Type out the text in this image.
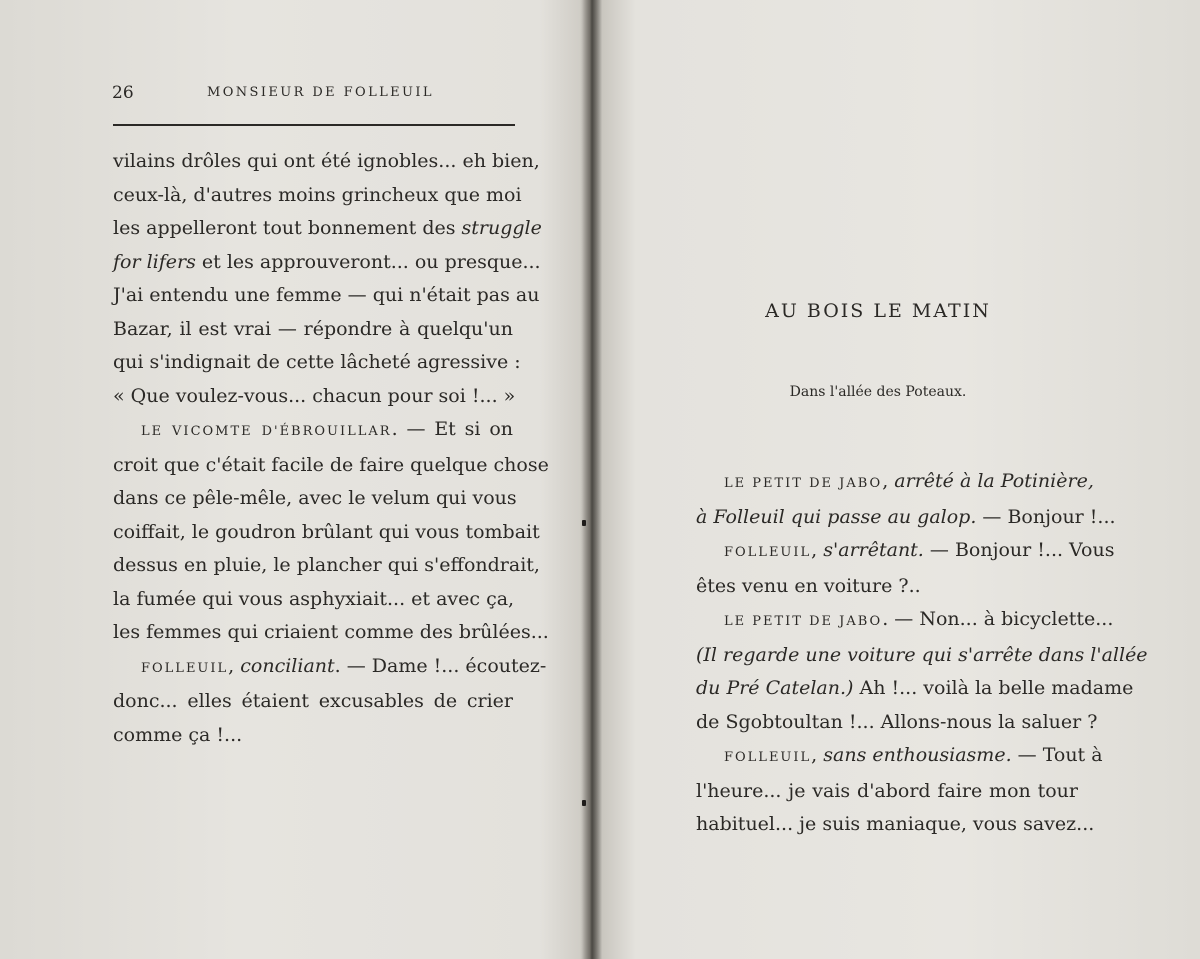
26	MONSIEUR DE FOLLEUIL
vilains drôles qui ont été ignobles... eh bien,
ceux-là, d'autres moins grincheux que moi
les appelleront tout bonnement des struggle
for lifers et les approuveront... ou presque...
J'ai entendu une femme — qui n'était pas au
Bazar, il est vrai — répondre à quelqu'un
qui s'indignait de cette lâcheté agressive :
« Que voulez-vous... chacun pour soi !... »
LE VICOMTE D'ÉBROUILLAR. — Et si on
croit que c'était facile de faire quelque chose
dans ce pêle-mêle, avec le velum qui vous
coiffait, le goudron brûlant qui vous tombait
dessus en pluie, le plancher qui s'effondrait,
la fumée qui vous asphyxiait... et avec ça,
les femmes qui criaient comme des brûlées...
FOLLEUIL, conciliant. — Dame !... écoutez-
donc... elles étaient excusables de crier
comme ça !...
AU BOIS LE MATIN
Dans l'allée des Poteaux.
LE PETIT DE JABO, arrêté à la Potinière,
à Folleuil qui passe au galop. — Bonjour !...
FOLLEUIL, s'arrêtant. — Bonjour !... Vous
êtes venu en voiture ?..
LE PETIT DE JABO. — Non... à bicyclette...
(Il regarde une voiture qui s'arrête dans l'allée
du Pré Catelan.) Ah !... voilà la belle madame
de Sgobtoultan !... Allons-nous la saluer ?
FOLLEUIL, sans enthousiasme. — Tout à
l'heure... je vais d'abord faire mon tour
habituel... je suis maniaque, vous savez...
